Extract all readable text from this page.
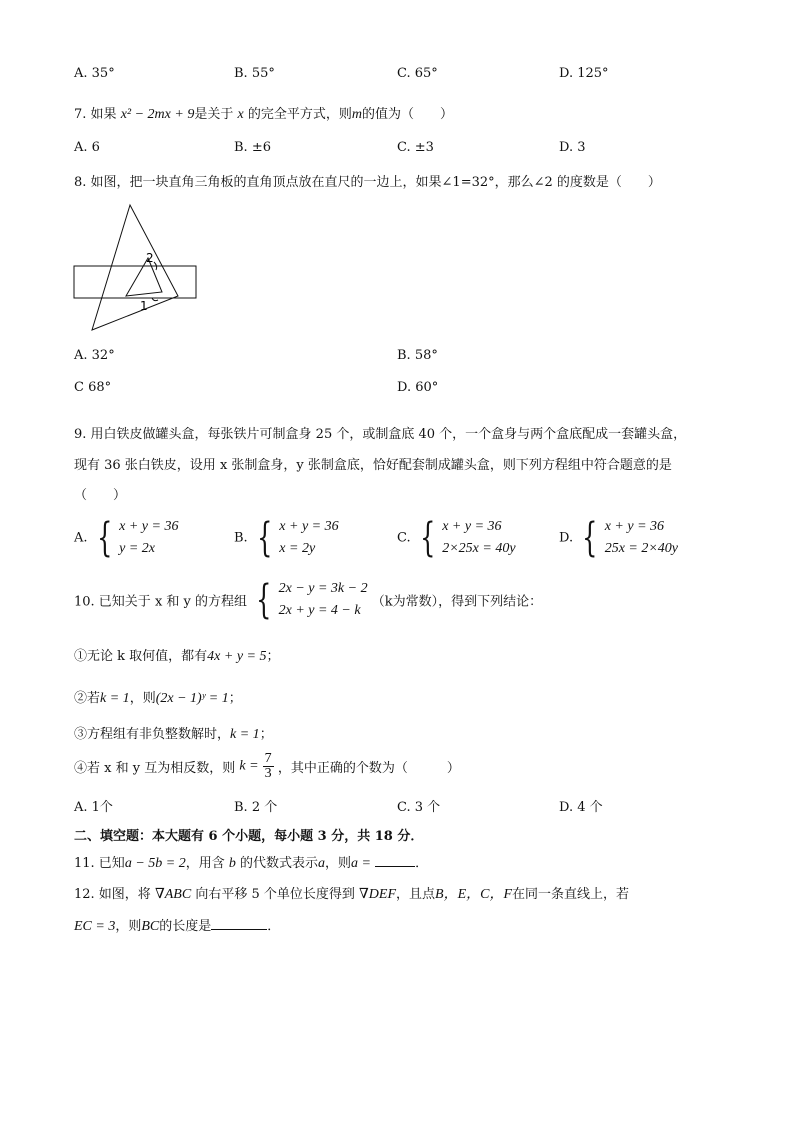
A. 35°	B. 55°	C. 65°	D. 125°
7. 如果 x² − 2mx + 9是关于 x 的完全平方式，则m的值为（　　）
A. 6	B. ±6	C. ±3	D. 3
8. 如图，把一块直角三角板的直角顶点放在直尺的一边上，如果∠1=32°，那么∠2 的度数是（　　）
2
1
A. 32°	B. 58°
C 68°	D. 60°
9. 用白铁皮做罐头盒，每张铁片可制盒身 25 个，或制盒底 40 个，一个盒身与两个盒底配成一套罐头盒，
现有 36 张白铁皮，设用 x 张制盒身，y 张制盒底，恰好配套制成罐头盒，则下列方程组中符合题意的是
（　　）
A. { x + y = 36
y = 2x
B. { x + y = 36
x = 2y
C. { x + y = 36
2×25x = 40y
D. { x + y = 36
25x = 2×40y
10. 已知关于 x 和 y 的方程组 { 2x − y = 3k − 2
2x + y = 4 − k
（k为常数），得到下列结论：
①无论 k 取何值，都有4x + y = 5；
②若k = 1，则(2x − 1)ʸ = 1；
③方程组有非负整数解时，k = 1；
④若 x 和 y 互为相反数，则 $k = \frac{7}{3}$ ，其中正确的个数为（　　　）
A. 1个	B. 2 个	C. 3 个	D. 4 个
二、填空题：本大题有 6 个小题，每小题 3 分，共 18 分．
11. 已知a − 5b = 2，用含 b 的代数式表示a，则a =	．
12. 如图，将 ∇ABC 向右平移 5 个单位长度得到 ∇DEF，且点B，E，C，F在同一条直线上，若
EC = 3，则BC的长度是	．
